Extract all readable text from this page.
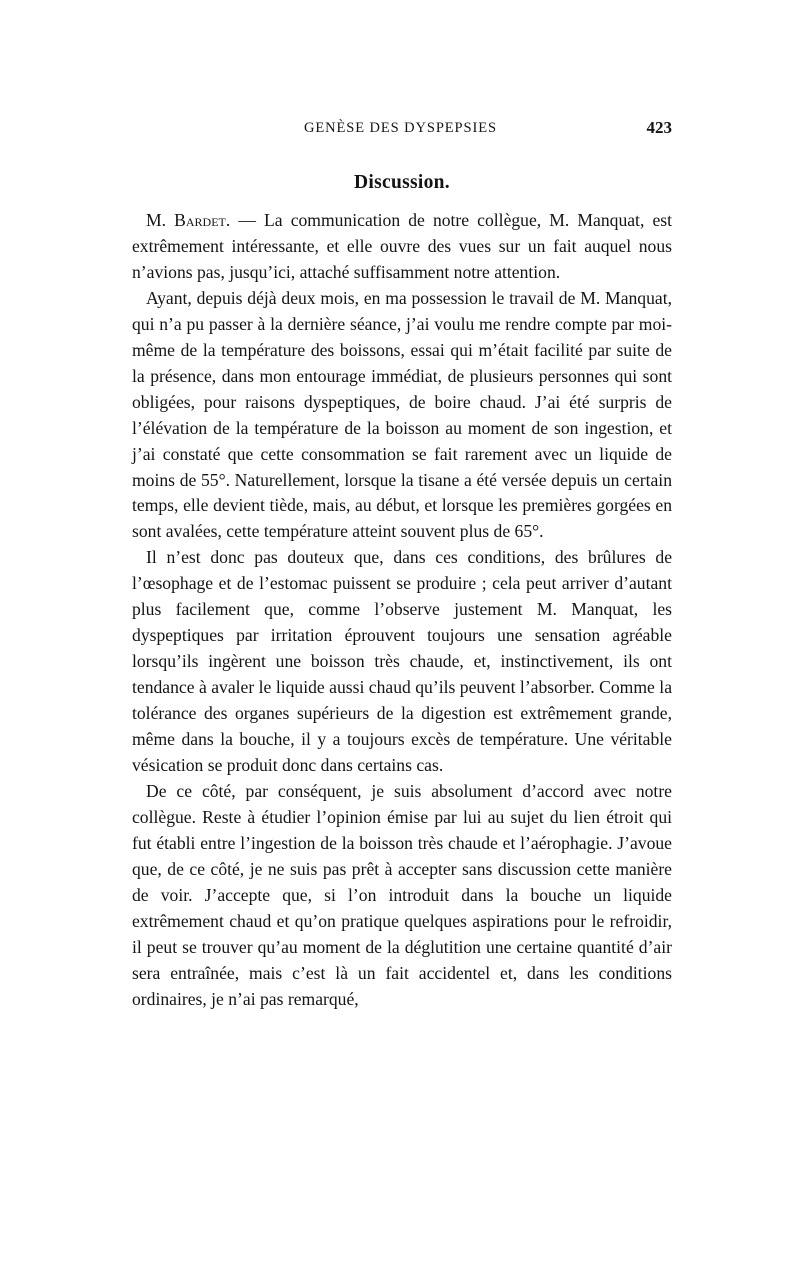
GENÈSE DES DYSPEPSIES	423
Discussion.

M. Bardet. — La communication de notre collègue, M. Manquat, est extrêmement intéressante, et elle ouvre des vues sur un fait auquel nous n’avions pas, jusqu’ici, attaché suffisamment notre attention.

Ayant, depuis déjà deux mois, en ma possession le travail de M. Manquat, qui n’a pu passer à la dernière séance, j’ai voulu me rendre compte par moi-même de la température des boissons, essai qui m’était facilité par suite de la présence, dans mon entourage immédiat, de plusieurs personnes qui sont obligées, pour raisons dyspeptiques, de boire chaud. J’ai été surpris de l’élévation de la température de la boisson au moment de son ingestion, et j’ai constaté que cette consommation se fait rarement avec un liquide de moins de 55°. Naturellement, lorsque la tisane a été versée depuis un certain temps, elle devient tiède, mais, au début, et lorsque les premières gorgées en sont avalées, cette température atteint souvent plus de 65°.

Il n’est donc pas douteux que, dans ces conditions, des brûlures de l’œsophage et de l’estomac puissent se produire ; cela peut arriver d’autant plus facilement que, comme l’observe justement M. Manquat, les dyspeptiques par irritation éprouvent toujours une sensation agréable lorsqu’ils ingèrent une boisson très chaude, et, instinctivement, ils ont tendance à avaler le liquide aussi chaud qu’ils peuvent l’absorber. Comme la tolérance des organes supérieurs de la digestion est extrêmement grande, même dans la bouche, il y a toujours excès de température. Une véritable vésication se produit donc dans certains cas.

De ce côté, par conséquent, je suis absolument d’accord avec notre collègue. Reste à étudier l’opinion émise par lui au sujet du lien étroit qui fut établi entre l’ingestion de la boisson très chaude et l’aérophagie. J’avoue que, de ce côté, je ne suis pas prêt à accepter sans discussion cette manière de voir. J’accepte que, si l’on introduit dans la bouche un liquide extrêmement chaud et qu’on pratique quelques aspirations pour le refroidir, il peut se trouver qu’au moment de la déglutition une certaine quantité d’air sera entraînée, mais c’est là un fait accidentel et, dans les conditions ordinaires, je n’ai pas remarqué,
